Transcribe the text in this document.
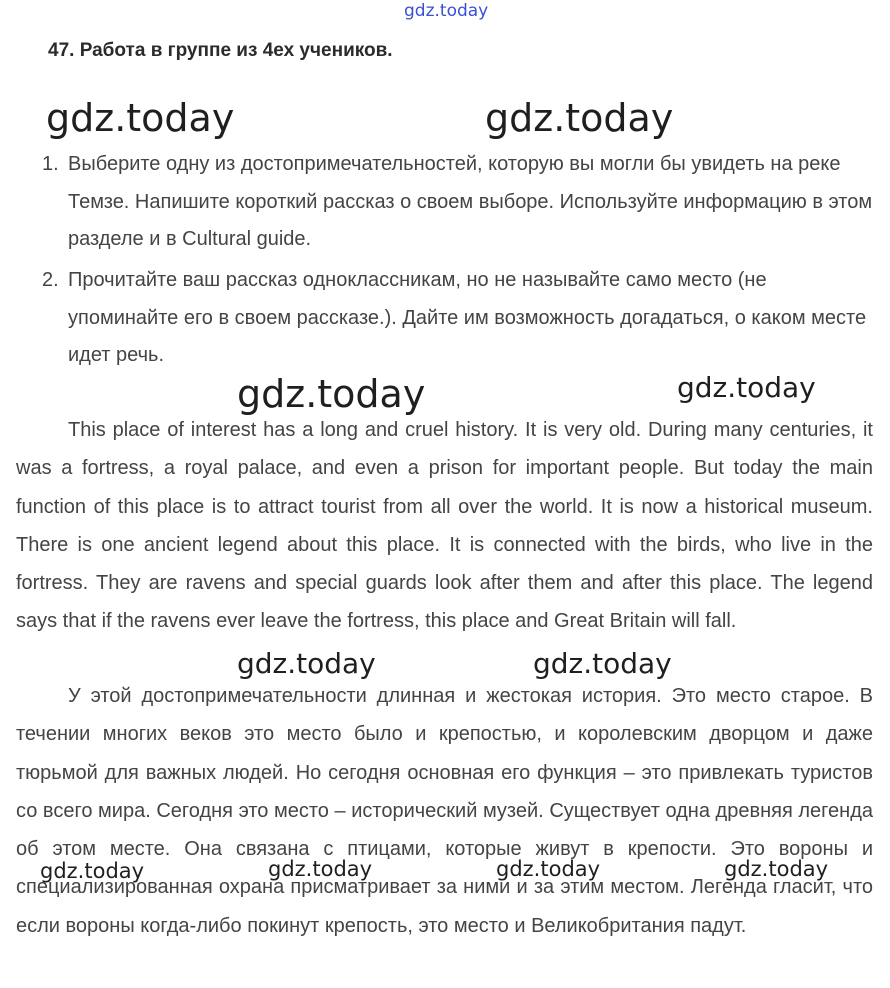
gdz.today
47. Работа в группе из 4ех учеников.
gdz.today	gdz.today
1. Выберите одну из достопримечательностей, которую вы могли бы увидеть на реке Темзе. Напишите короткий рассказ о своем выборе. Используйте информацию в этом разделе и в Cultural guide.
2. Прочитайте ваш рассказ одноклассникам, но не называйте само место (не упоминайте его в своем рассказе.). Дайте им возможность догадаться, о каком месте идет речь.
gdz.today	gdz.today

This place of interest has a long and cruel history. It is very old. During many centuries, it was a fortress, a royal palace, and even a prison for important people. But today the main function of this place is to attract tourist from all over the world. It is now a historical museum. There is one ancient legend about this place. It is connected with the birds, who live in the fortress. They are ravens and special guards look after them and after this place. The legend says that if the ravens ever leave the fortress, this place and Great Britain will fall.

gdz.today	gdz.today

У этой достопримечательности длинная и жестокая история. Это место старое. В течении многих веков это место было и крепостью, и королевским дворцом и даже тюрьмой для важных людей. Но сегодня основная его функция – это привлекать туристов со всего мира. Сегодня это место – исторический музей. Существует одна древняя легенда об этом месте. Она связана с птицами, которые живут в крепости. Это вороны и специализированная охрана присматривает за ними и за этим местом. Легенда гласит, что если вороны когда-либо покинут крепость, это место и Великобритания падут.

gdz.today	gdz.today	gdz.today	gdz.today
